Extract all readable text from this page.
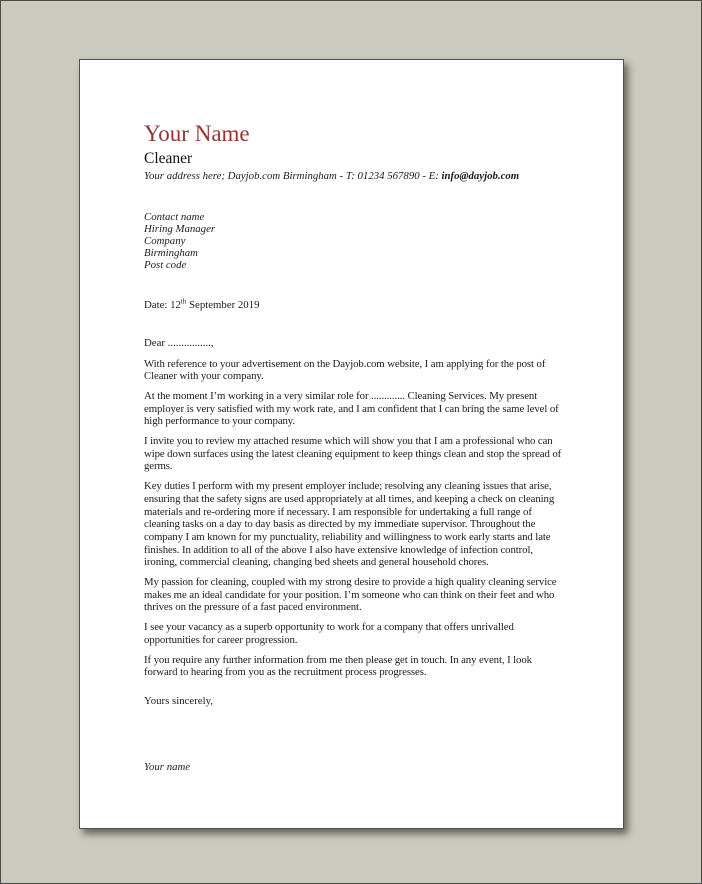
Your Name
Cleaner
Your address here; Dayjob.com Birmingham - T: 01234 567890 - E: info@dayjob.com
Contact name
Hiring Manager
Company
Birmingham
Post code
Date: 12th September 2019
Dear ................,

With reference to your advertisement on the Dayjob.com website, I am applying for the post of Cleaner with your company.

At the moment I’m working in a very similar role for ............. Cleaning Services. My present employer is very satisfied with my work rate, and I am confident that I can bring the same level of high performance to your company.

I invite you to review my attached resume which will show you that I am a professional who can wipe down surfaces using the latest cleaning equipment to keep things clean and stop the spread of germs.

Key duties I perform with my present employer include; resolving any cleaning issues that arise, ensuring that the safety signs are used appropriately at all times, and keeping a check on cleaning materials and re-ordering more if necessary. I am responsible for undertaking a full range of cleaning tasks on a day to day basis as directed by my immediate supervisor. Throughout the company I am known for my punctuality, reliability and willingness to work early starts and late finishes. In addition to all of the above I also have extensive knowledge of infection control, ironing, commercial cleaning, changing bed sheets and general household chores.

My passion for cleaning, coupled with my strong desire to provide a high quality cleaning service makes me an ideal candidate for your position. I’m someone who can think on their feet and who thrives on the pressure of a fast paced environment.

I see your vacancy as a superb opportunity to work for a company that offers unrivalled opportunities for career progression.

If you require any further information from me then please get in touch. In any event, I look forward to hearing from you as the recruitment process progresses.

Yours sincerely,
Your name
